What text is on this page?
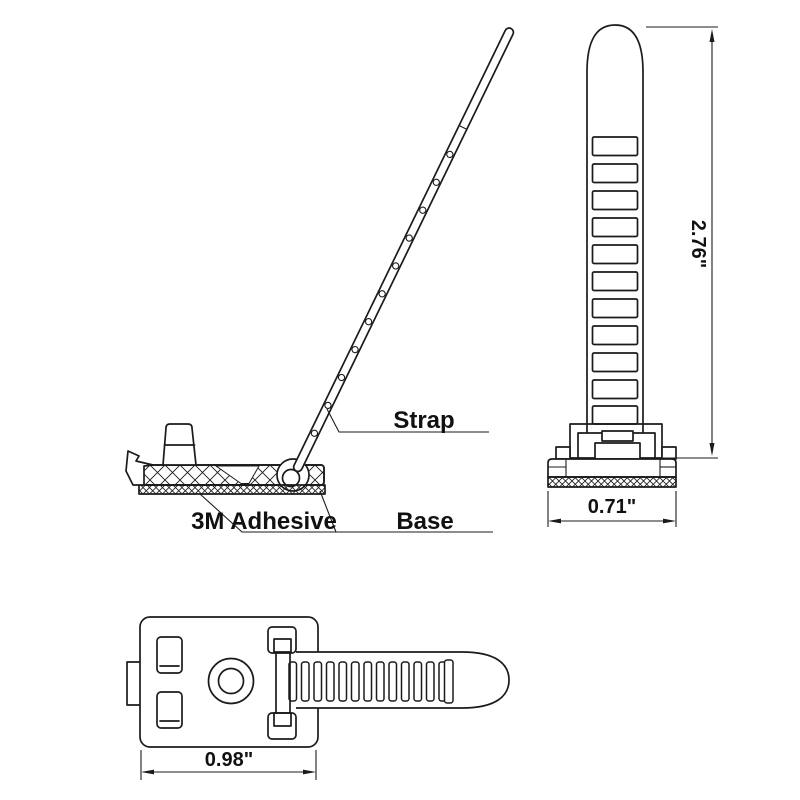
2.76"
0.71"
0.98"
Strap
3M Adhesive Base
